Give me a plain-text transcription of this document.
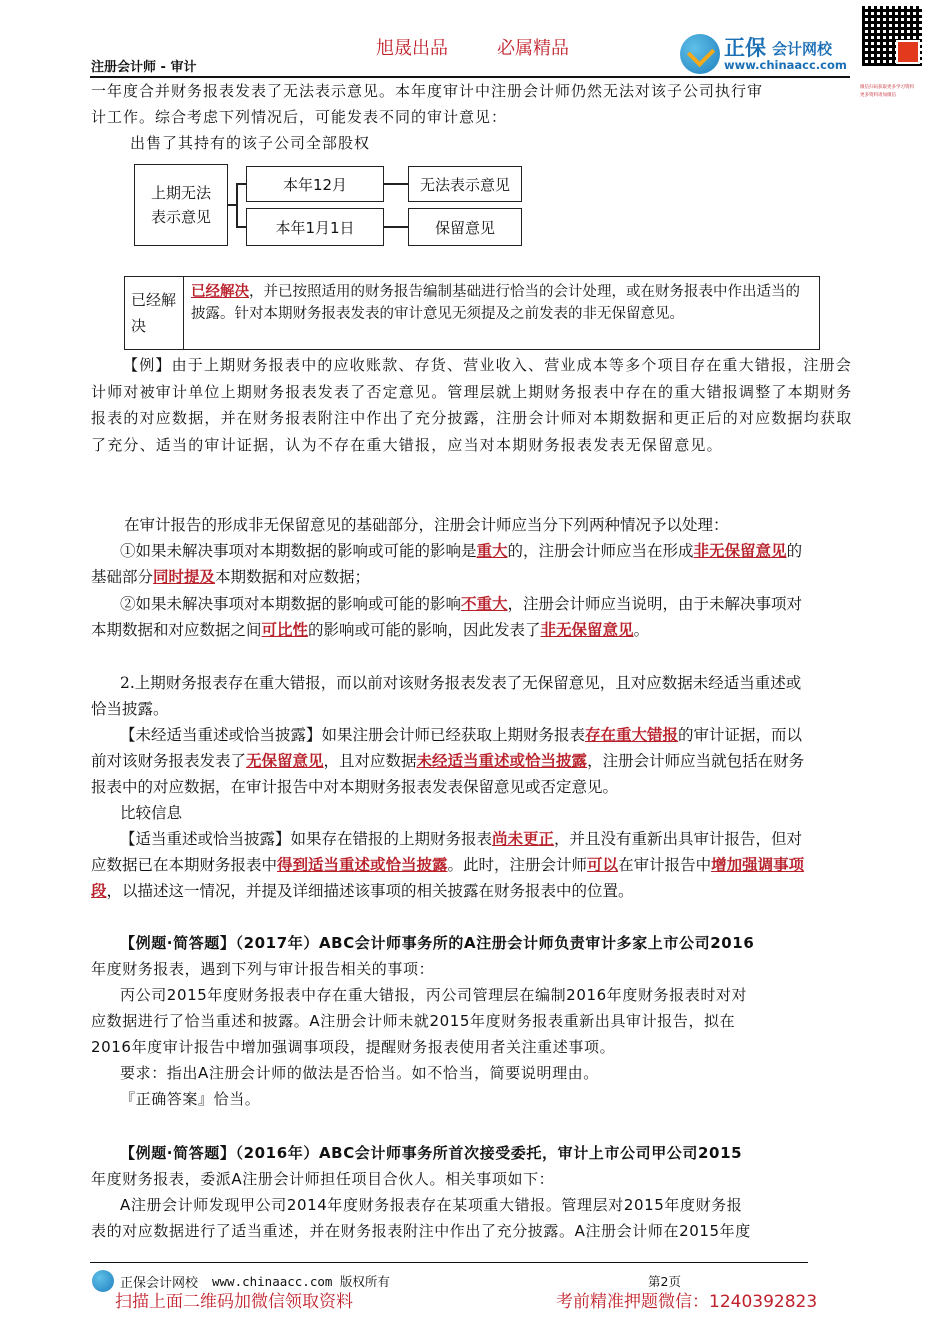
旭晟出品	必属精品	正保 会计网校
www.chinaacc.com
微信扫码获取更多学习资料
更多资料请加微信
注册会计师 - 审计
一年度合并财务报表发表了无法表示意见。本年度审计中注册会计师仍然无法对该子公司执行审
计工作。综合考虑下列情况后，可能发表不同的审计意见：
出售了其持有的该子公司全部股权
上期无法
表示意见
本年12月	无法表示意见
本年1月1日	保留意见
已经解决
已经解决，并已按照适用的财务报告编制基础进行恰当的会计处理，或在财务报表中作出适当的披露。针对本期财务报表发表的审计意见无须提及之前发表的非无保留意见。
【例】由于上期财务报表中的应收账款、存货、营业收入、营业成本等多个项目存在重大错报，注册会计师对被审计单位上期财务报表发表了否定意见。管理层就上期财务报表中存在的重大错报调整了本期财务报表的对应数据，并在财务报表附注中作出了充分披露，注册会计师对本期数据和更正后的对应数据均获取了充分、适当的审计证据，认为不存在重大错报，应当对本期财务报表发表无保留意见。
在审计报告的形成非无保留意见的基础部分，注册会计师应当分下列两种情况予以处理：
①如果未解决事项对本期数据的影响或可能的影响是重大的，注册会计师应当在形成非无保留意见的
基础部分同时提及本期数据和对应数据；
②如果未解决事项对本期数据的影响或可能的影响不重大，注册会计师应当说明，由于未解决事项对
本期数据和对应数据之间可比性的影响或可能的影响，因此发表了非无保留意见。
2.上期财务报表存在重大错报，而以前对该财务报表发表了无保留意见，且对应数据未经适当重述或
恰当披露。
【未经适当重述或恰当披露】如果注册会计师已经获取上期财务报表存在重大错报的审计证据，而以
前对该财务报表发表了无保留意见，且对应数据未经适当重述或恰当披露，注册会计师应当就包括在财务
报表中的对应数据，在审计报告中对本期财务报表发表保留意见或否定意见。
比较信息
【适当重述或恰当披露】如果存在错报的上期财务报表尚未更正，并且没有重新出具审计报告，但对
应数据已在本期财务报表中得到适当重述或恰当披露。此时，注册会计师可以在审计报告中增加强调事项
段，以描述这一情况，并提及详细描述该事项的相关披露在财务报表中的位置。
【例题·简答题】（2017年）ABC会计师事务所的A注册会计师负责审计多家上市公司2016
年度财务报表，遇到下列与审计报告相关的事项：
丙公司2015年度财务报表中存在重大错报，丙公司管理层在编制2016年度财务报表时对对
应数据进行了恰当重述和披露。A注册会计师未就2015年度财务报表重新出具审计报告，拟在
2016年度审计报告中增加强调事项段，提醒财务报表使用者关注重述事项。
要求：指出A注册会计师的做法是否恰当。如不恰当，简要说明理由。
『正确答案』恰当。
【例题·简答题】（2016年）ABC会计师事务所首次接受委托，审计上市公司甲公司2015
年度财务报表，委派A注册会计师担任项目合伙人。相关事项如下：
A注册会计师发现甲公司2014年度财务报表存在某项重大错报。管理层对2015年度财务报
表的对应数据进行了适当重述，并在财务报表附注中作出了充分披露。A注册会计师在2015年度
正保会计网校 www.chinaacc.com 版权所有	第2页
扫描上面二维码加微信领取资料	考前精准押题微信：1240392823
